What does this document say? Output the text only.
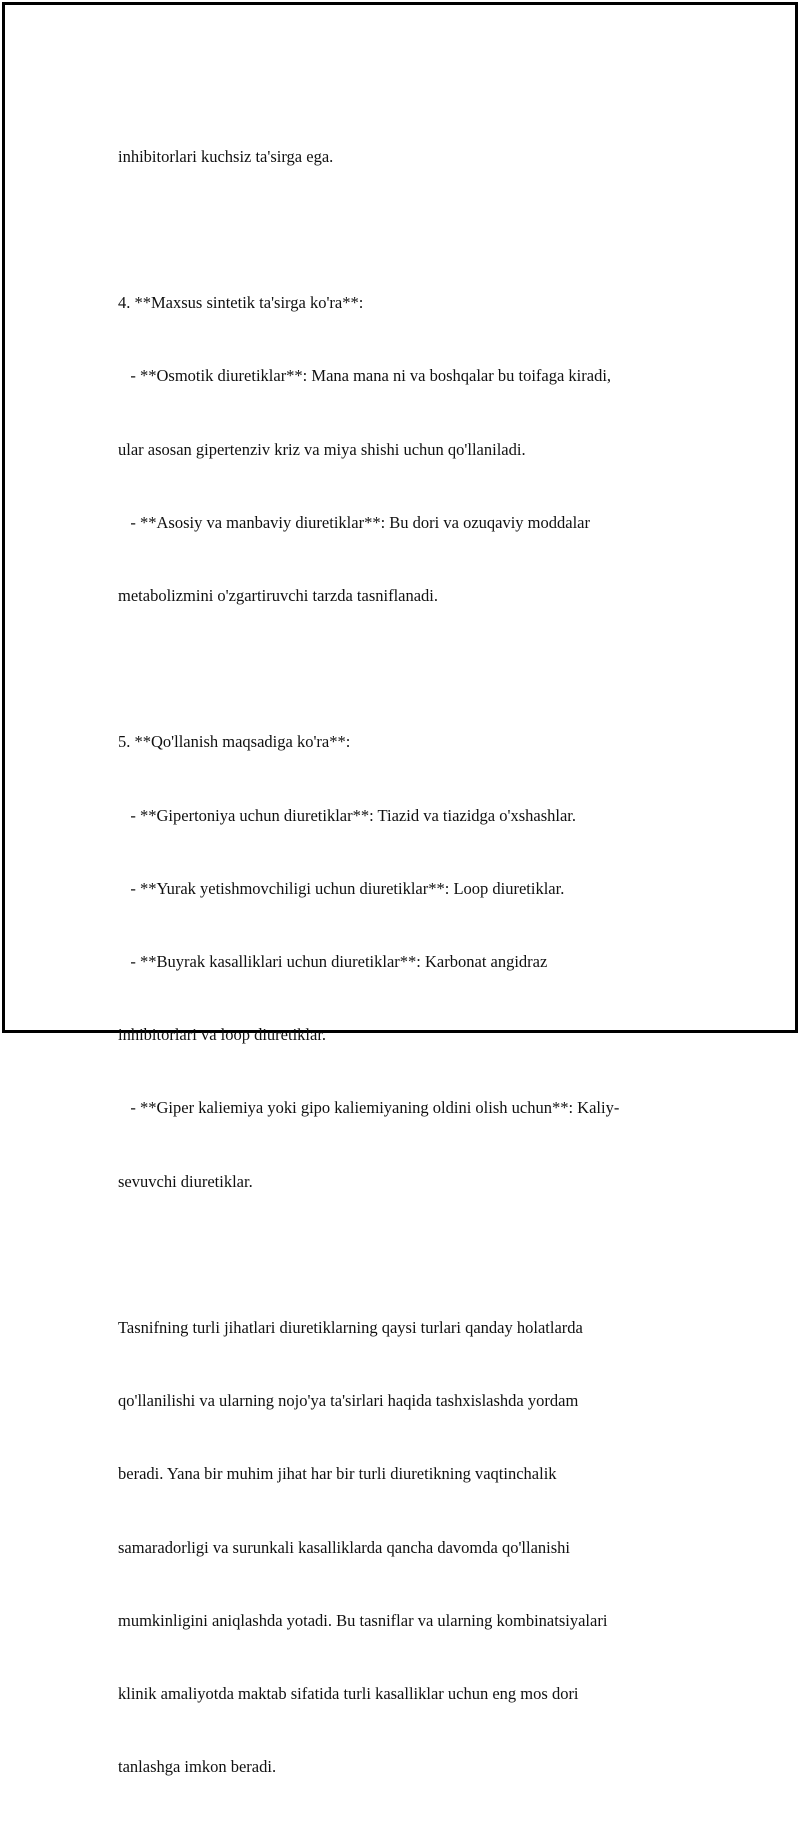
inhibitorlari kuchsiz ta'sirga ega.

4. **Maxsus sintetik ta'sirga ko'ra**:

- **Osmotik diuretiklar**: Mana mana ni va boshqalar bu toifaga kiradi,

ular asosan gipertenziv kriz va miya shishi uchun qo'llaniladi.

- **Asosiy va manbaviy diuretiklar**: Bu dori va ozuqaviy moddalar

metabolizmini o'zgartiruvchi tarzda tasniflanadi.

5. **Qo'llanish maqsadiga ko'ra**:

- **Gipertoniya uchun diuretiklar**: Tiazid va tiazidga o'xshashlar.

- **Yurak yetishmovchiligi uchun diuretiklar**: Loop diuretiklar.

- **Buyrak kasalliklari uchun diuretiklar**: Karbonat angidraz

inhibitorlari va loop diuretiklar.

- **Giper kaliemiya yoki gipo kaliemiyaning oldini olish uchun**: Kaliy-

sevuvchi diuretiklar.

Tasnifning turli jihatlari diuretiklarning qaysi turlari qanday holatlarda

qo'llanilishi va ularning nojo'ya ta'sirlari haqida tashxislashda yordam

beradi. Yana bir muhim jihat har bir turli diuretikning vaqtinchalik

samaradorligi va surunkali kasalliklarda qancha davomda qo'llanishi

mumkinligini aniqlashda yotadi. Bu tasniflar va ularning kombinatsiyalari

klinik amaliyotda maktab sifatida turli kasalliklar uchun eng mos dori

tanlashga imkon beradi.
